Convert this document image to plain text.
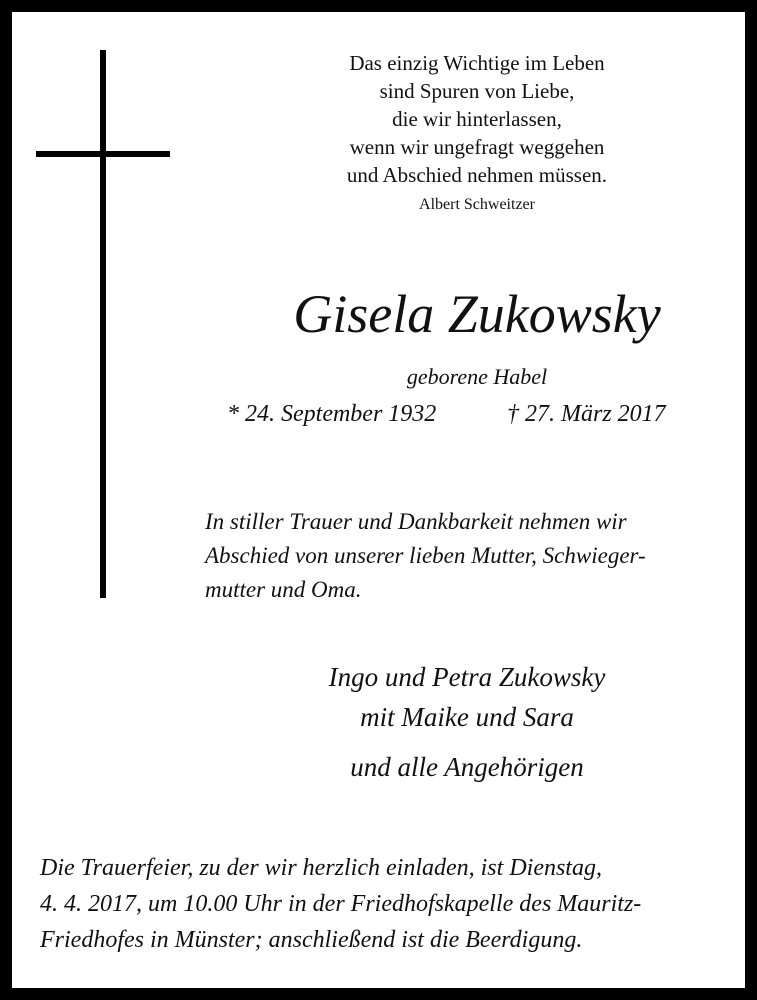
Das einzig Wichtige im Leben
sind Spuren von Liebe,
die wir hinterlassen,
wenn wir ungefragt weggehen
und Abschied nehmen müssen.
Albert Schweitzer
Gisela Zukowsky
geborene Habel
* 24. September 1932	† 27. März 2017
In stiller Trauer und Dankbarkeit nehmen wir
Abschied von unserer lieben Mutter, Schwieger-
mutter und Oma.
Ingo und Petra Zukowsky
mit Maike und Sara
und alle Angehörigen
Die Trauerfeier, zu der wir herzlich einladen, ist Dienstag,
4. 4. 2017, um 10.00 Uhr in der Friedhofskapelle des Mauritz-
Friedhofes in Münster; anschließend ist die Beerdigung.
